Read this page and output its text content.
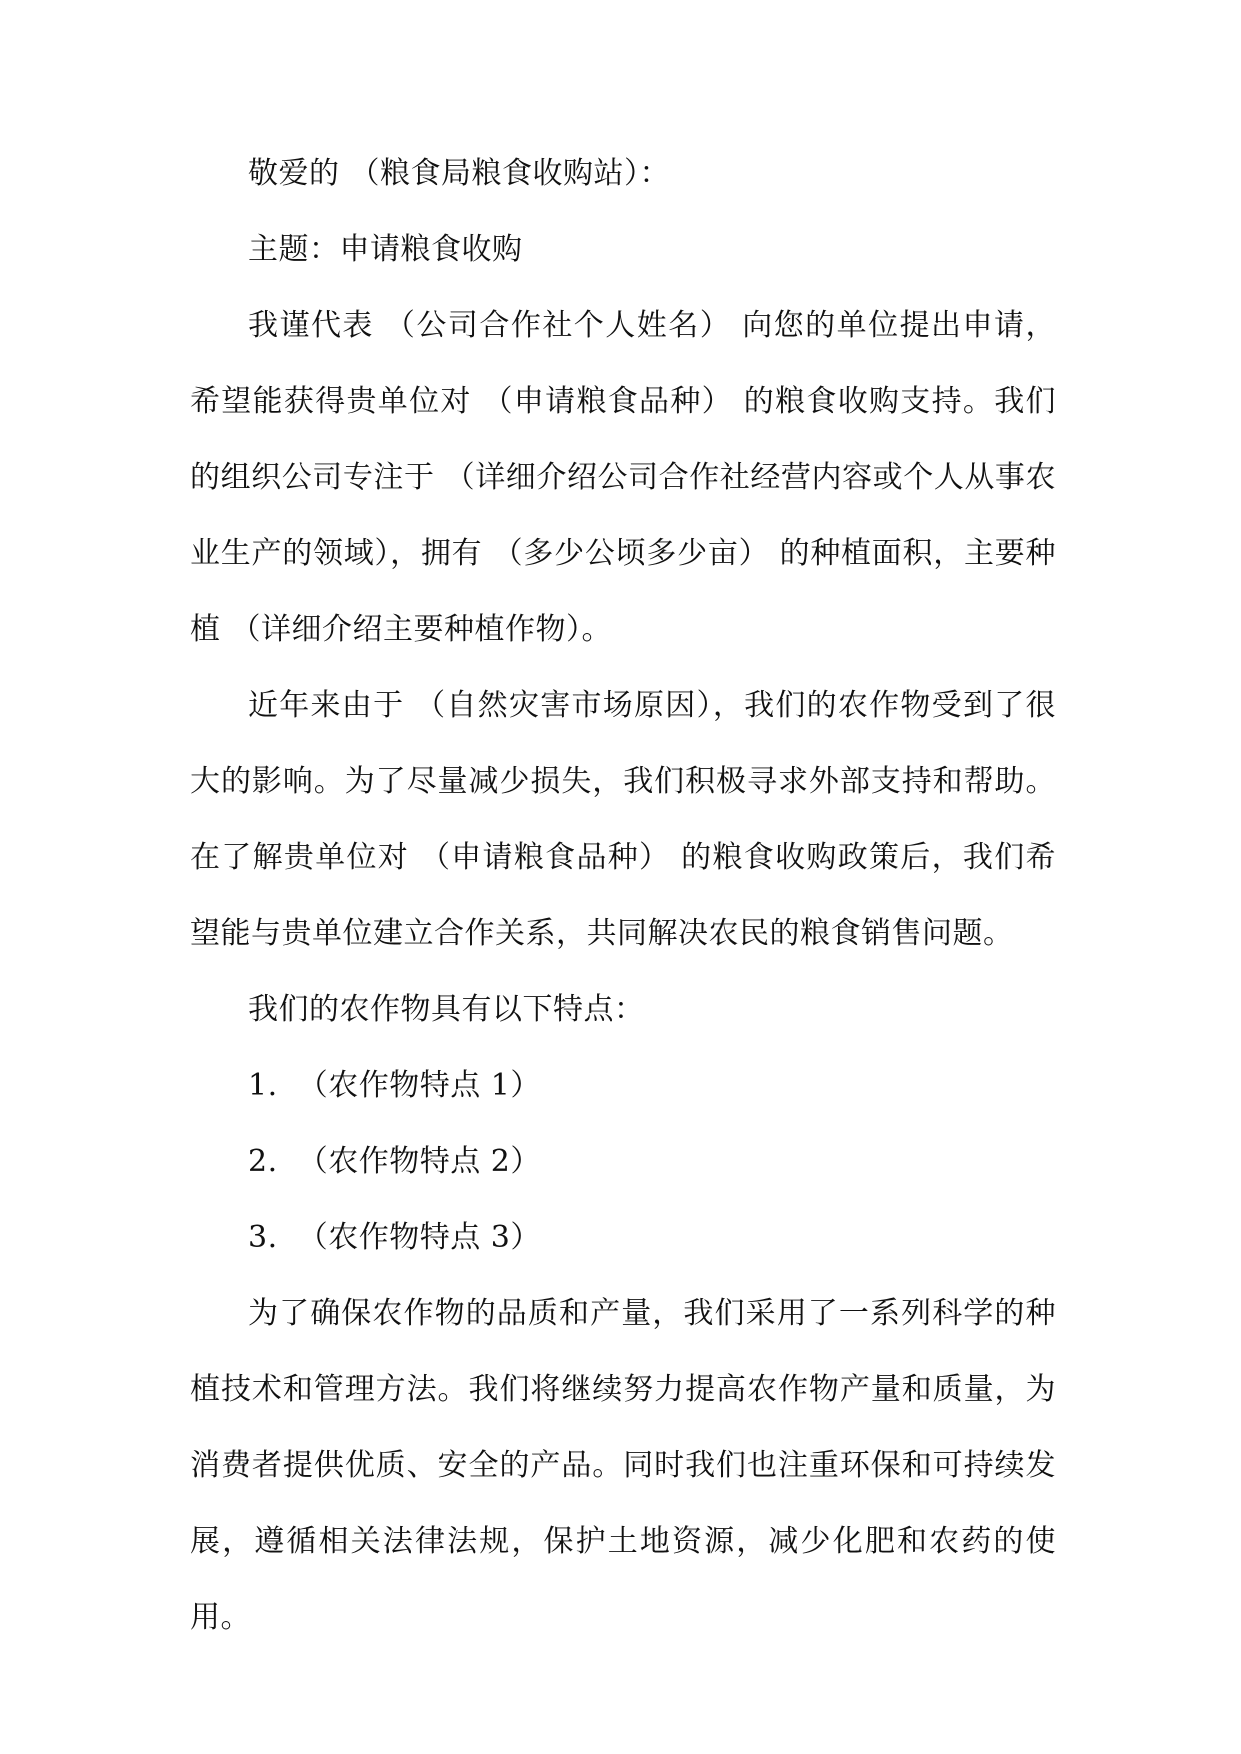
敬爱的 （粮食局粮食收购站）：

主题：申请粮食收购

我谨代表 （公司合作社个人姓名） 向您的单位提出申请，希望能获得贵单位对 （申请粮食品种） 的粮食收购支持。我们的组织公司专注于 （详细介绍公司合作社经营内容或个人从事农业生产的领域），拥有 （多少公顷多少亩） 的种植面积，主要种植 （详细介绍主要种植作物）。

近年来由于 （自然灾害市场原因），我们的农作物受到了很大的影响。为了尽量减少损失，我们积极寻求外部支持和帮助。在了解贵单位对 （申请粮食品种） 的粮食收购政策后，我们希望能与贵单位建立合作关系，共同解决农民的粮食销售问题。

我们的农作物具有以下特点：

1.  （农作物特点 1）

2.  （农作物特点 2）

3.  （农作物特点 3）

为了确保农作物的品质和产量，我们采用了一系列科学的种植技术和管理方法。我们将继续努力提高农作物产量和质量，为消费者提供优质、安全的产品。同时我们也注重环保和可持续发展，遵循相关法律法规，保护土地资源，减少化肥和农药的使用。
